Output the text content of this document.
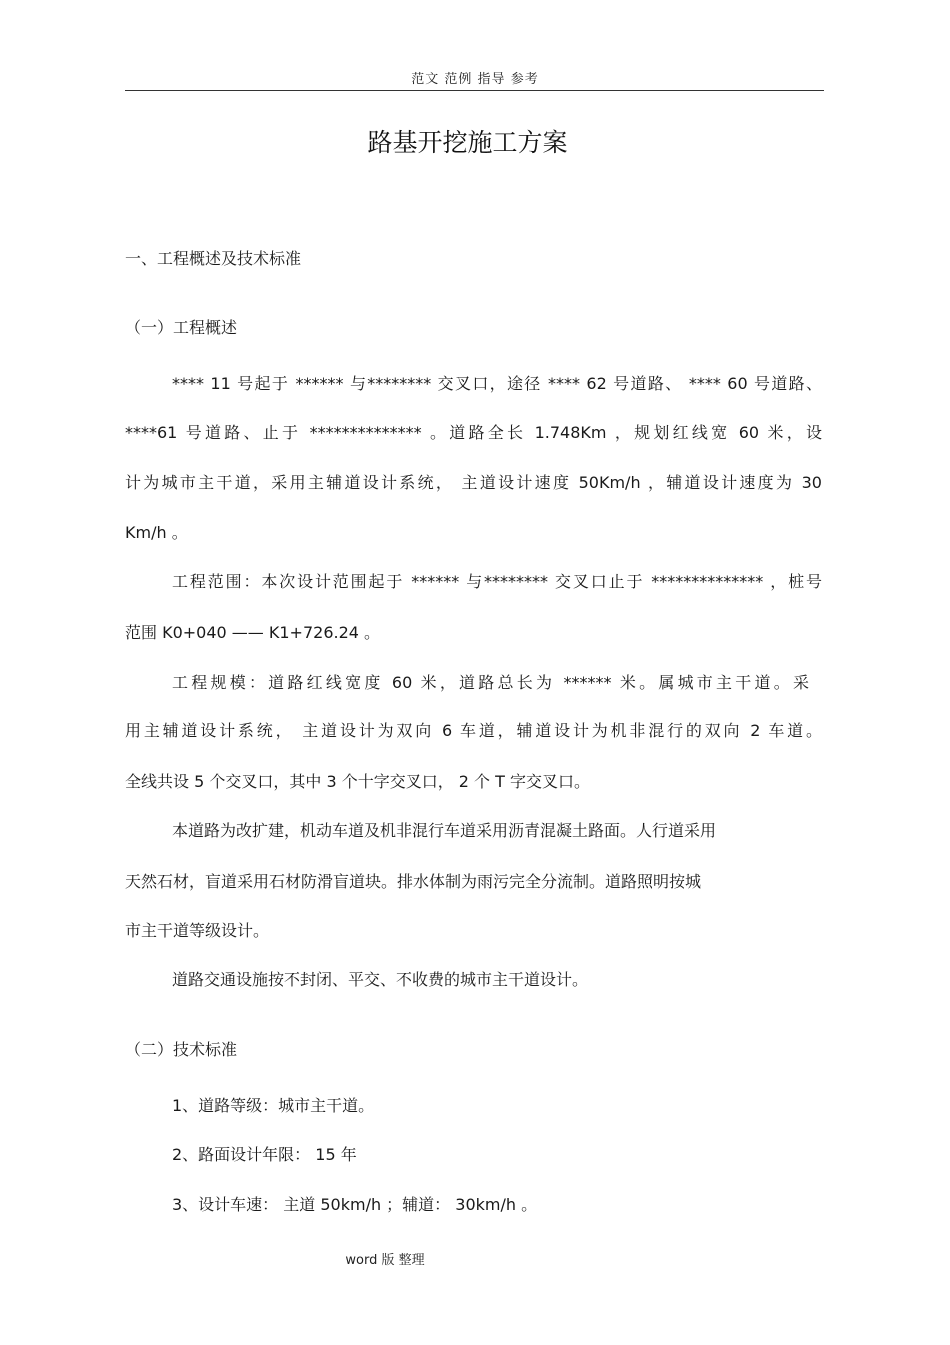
范文 范例 指导 参考
路基开挖施工方案
一、工程概述及技术标准
（一）工程概述
**** 11 号起于 ****** 与******** 交叉口，途径 **** 62 号道路、 **** 60 号道路、
****61 号道路、止于 ************** 。道路全长 1.748Km ，规划红线宽 60 米，设
计为城市主干道，采用主辅道设计系统， 主道设计速度 50Km/h ，辅道设计速度为 30
Km/h 。
工程范围：本次设计范围起于 ****** 与******** 交叉口止于 ************** ，桩号
范围 K0+040 —— K1+726.24 。
工程规模：道路红线宽度 60 米，道路总长为 ****** 米。属城市主干道。采
用主辅道设计系统， 主道设计为双向 6 车道，辅道设计为机非混行的双向 2 车道。
全线共设 5 个交叉口，其中 3 个十字交叉口， 2 个 T 字交叉口。
本道路为改扩建，机动车道及机非混行车道采用沥青混凝土路面。人行道采用
天然石材，盲道采用石材防滑盲道块。排水体制为雨污完全分流制。道路照明按城
市主干道等级设计。
道路交通设施按不封闭、平交、不收费的城市主干道设计。
（二）技术标准
1、道路等级：城市主干道。
2、路面设计年限： 15 年
3、设计车速： 主道 50km/h ；辅道： 30km/h 。
word 版 整理
